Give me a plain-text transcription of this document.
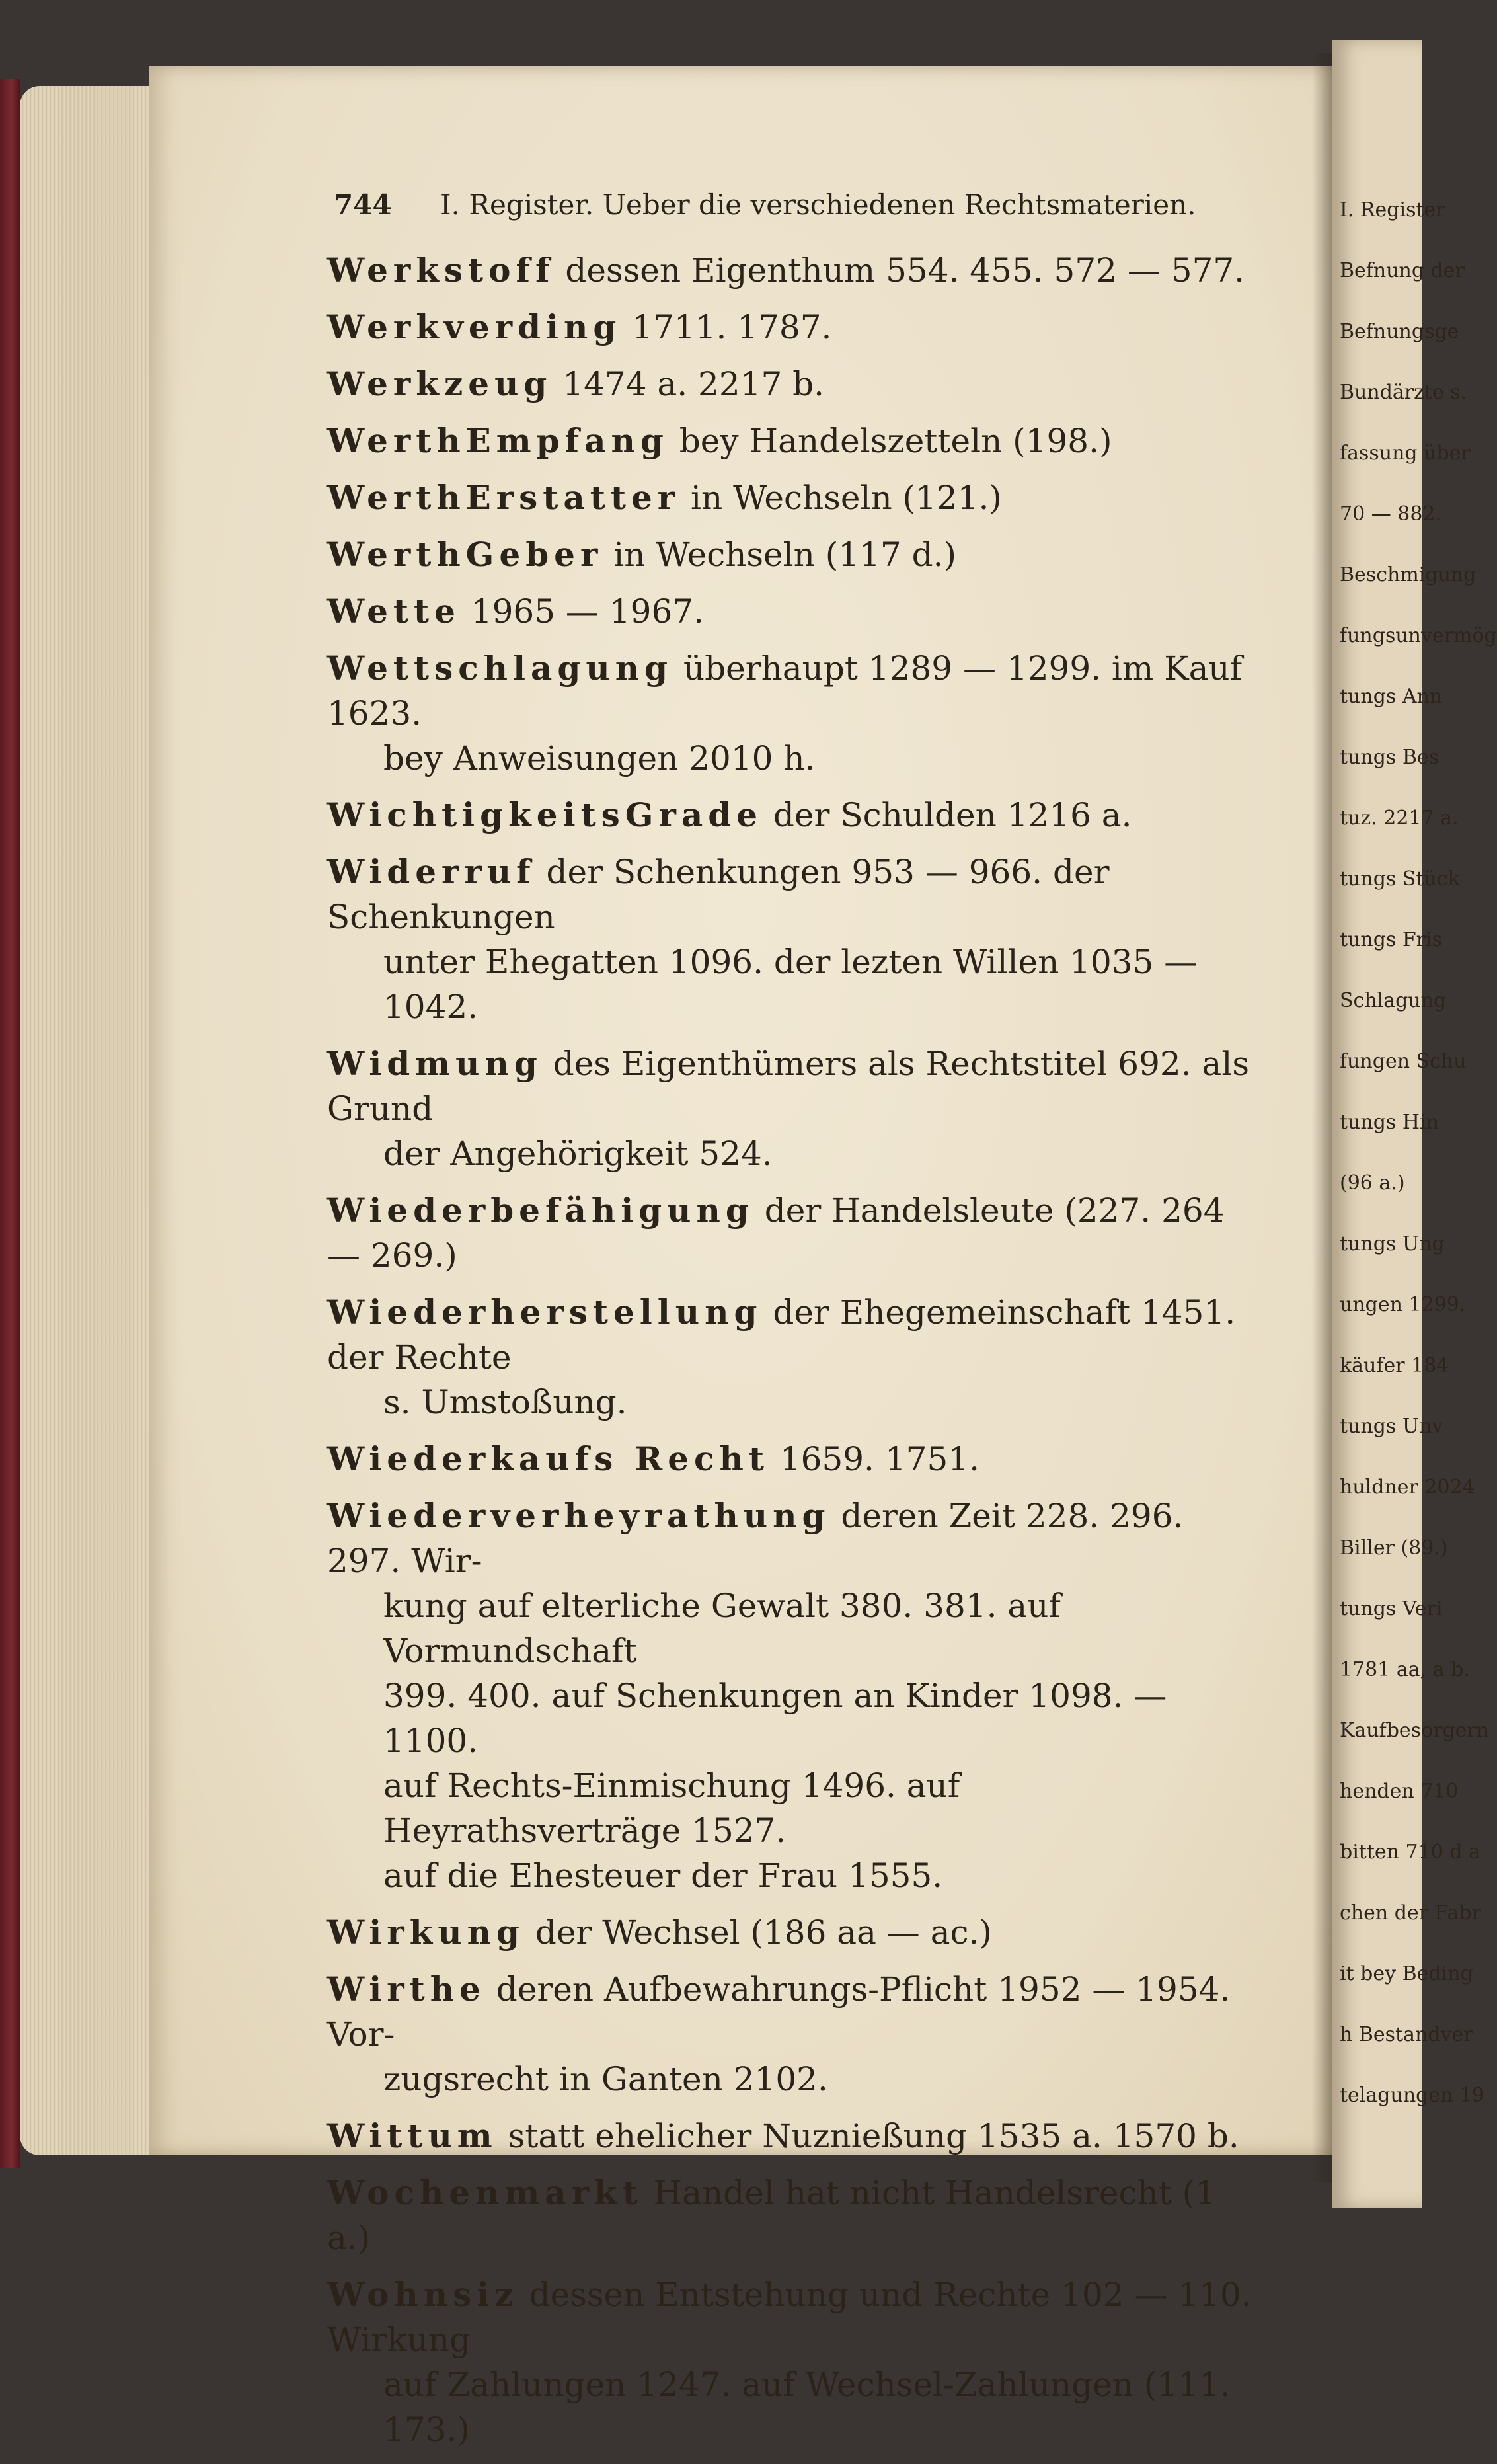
744 I. Register. Ueber die verschiedenen Rechtsmaterien.
Werkstoff dessen Eigenthum 554. 455. 572 — 577.
Werkverding 1711. 1787.
Werkzeug 1474 a. 2217 b.
WerthEmpfang bey Handelszetteln (198.)
WerthErstatter in Wechseln (121.)
WerthGeber in Wechseln (117 d.)
Wette 1965 — 1967.
Wettschlagung überhaupt 1289 — 1299. im Kauf 1623.
bey Anweisungen 2010 h.
WichtigkeitsGrade der Schulden 1216 a.
Widerruf der Schenkungen 953 — 966. der Schenkungen
unter Ehegatten 1096. der lezten Willen 1035 — 1042.
Widmung des Eigenthümers als Rechtstitel 692. als Grund
der Angehörigkeit 524.
Wiederbefähigung der Handelsleute (227. 264 — 269.)
Wiederherstellung der Ehegemeinschaft 1451. der Rechte
s. Umstoßung.
Wiederkaufs Recht 1659. 1751.
Wiederverheyrathung deren Zeit 228. 296. 297. Wir-
kung auf elterliche Gewalt 380. 381. auf Vormundschaft
399. 400. auf Schenkungen an Kinder 1098. — 1100.
auf Rechts-Einmischung 1496. auf Heyrathsverträge 1527.
auf die Ehesteuer der Frau 1555.
Wirkung der Wechsel (186 aa — ac.)
Wirthe deren Aufbewahrungs-Pflicht 1952 — 1954. Vor-
zugsrecht in Ganten 2102.
Wittum statt ehelicher Nuznießung 1535 a. 1570 b.
Wochenmarkt Handel hat nicht Handelsrecht (1 a.)
Wohnsiz dessen Entstehung und Rechte 102 — 110. Wirkung
auf Zahlungen 1247. auf Wechsel-Zahlungen (111. 173.)
I. Register
Befnung der
Befnungsge
Bundärzte s.
fassung über
70 — 882.
Beschmigung
fungsunvermög
tungs Ann
tungs Bes
tuz. 2217 a.
tungs Stück
tungs Fris
Schlagung
fungen Schu
tungs Hin
(96 a.)
tungs Ung
ungen 1299.
käufer 184
tungs Unv
huldner 2024
Biller (89.)
tungs Veri
1781 aa, a b.
Kaufbesorgern
henden 710
bitten 710 d a
chen der Fabr
it bey Beding
h Bestandver
telagungen 19
